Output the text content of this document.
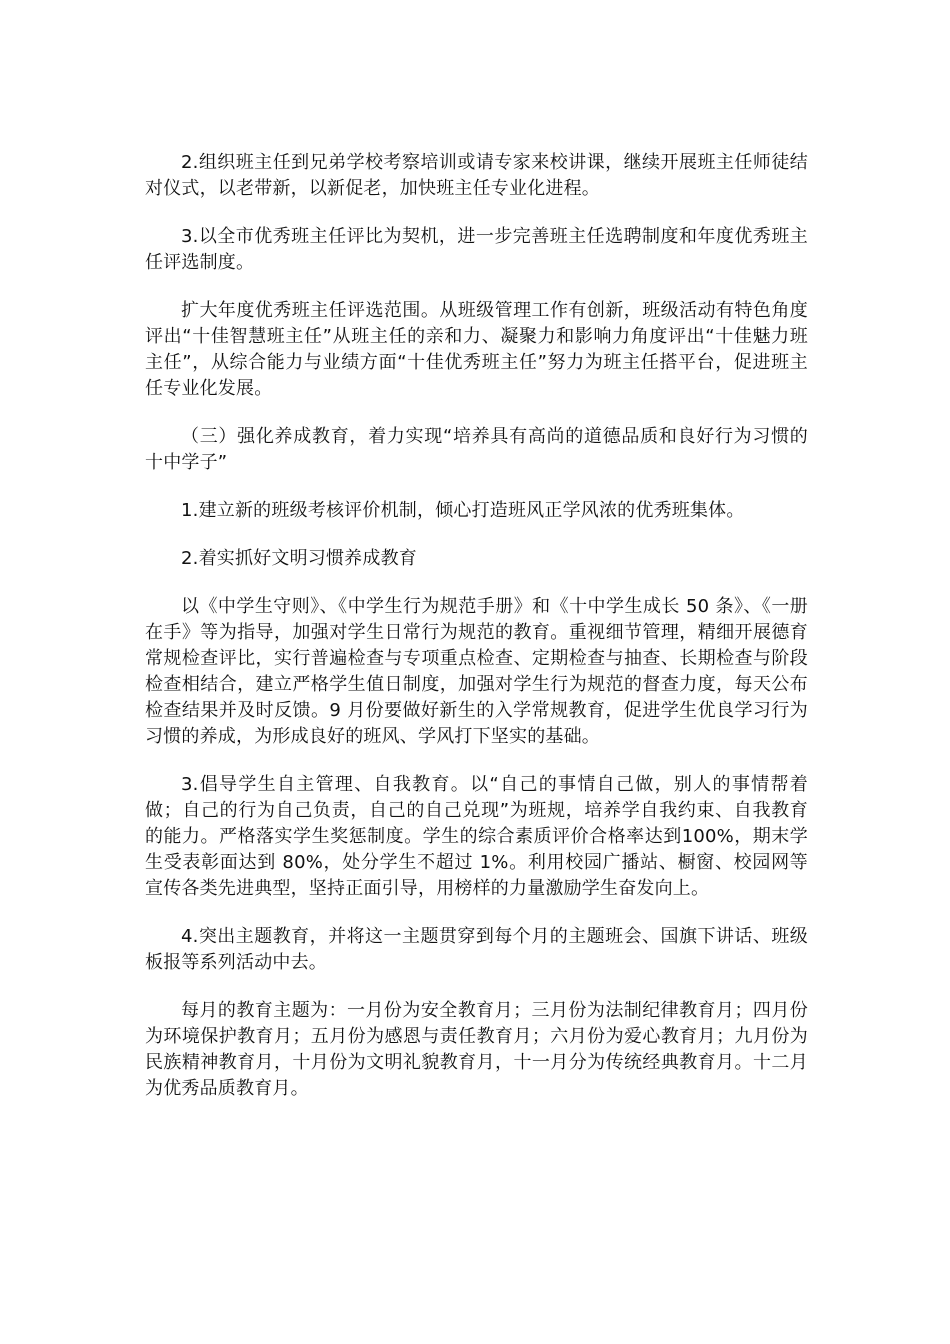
2.组织班主任到兄弟学校考察培训或请专家来校讲课，继续开展班主任师徒结对仪式，以老带新，以新促老，加快班主任专业化进程。

3.以全市优秀班主任评比为契机，进一步完善班主任选聘制度和年度优秀班主任评选制度。

扩大年度优秀班主任评选范围。从班级管理工作有创新，班级活动有特色角度评出“十佳智慧班主任”从班主任的亲和力、凝聚力和影响力角度评出“十佳魅力班主任”，从综合能力与业绩方面“十佳优秀班主任”努力为班主任搭平台，促进班主任专业化发展。

（三）强化养成教育，着力实现“培养具有高尚的道德品质和良好行为习惯的十中学子”

1.建立新的班级考核评价机制，倾心打造班风正学风浓的优秀班集体。

2.着实抓好文明习惯养成教育

以《中学生守则》、《中学生行为规范手册》和《十中学生成长 50 条》、《一册在手》等为指导，加强对学生日常行为规范的教育。重视细节管理，精细开展德育常规检查评比，实行普遍检查与专项重点检查、定期检查与抽查、长期检查与阶段检查相结合，建立严格学生值日制度，加强对学生行为规范的督查力度，每天公布检查结果并及时反馈。9 月份要做好新生的入学常规教育，促进学生优良学习行为习惯的养成，为形成良好的班风、学风打下坚实的基础。

3.倡导学生自主管理、自我教育。以“自己的事情自己做，别人的事情帮着做；自己的行为自己负责，自己的自己兑现”为班规，培养学自我约束、自我教育的能力。严格落实学生奖惩制度。学生的综合素质评价合格率达到100%，期末学生受表彰面达到 80%，处分学生不超过 1%。利用校园广播站、橱窗、校园网等宣传各类先进典型，坚持正面引导，用榜样的力量激励学生奋发向上。

4.突出主题教育，并将这一主题贯穿到每个月的主题班会、国旗下讲话、班级板报等系列活动中去。

每月的教育主题为：一月份为安全教育月；三月份为法制纪律教育月；四月份为环境保护教育月；五月份为感恩与责任教育月；六月份为爱心教育月；九月份为民族精神教育月，十月份为文明礼貌教育月，十一月分为传统经典教育月。十二月为优秀品质教育月。
